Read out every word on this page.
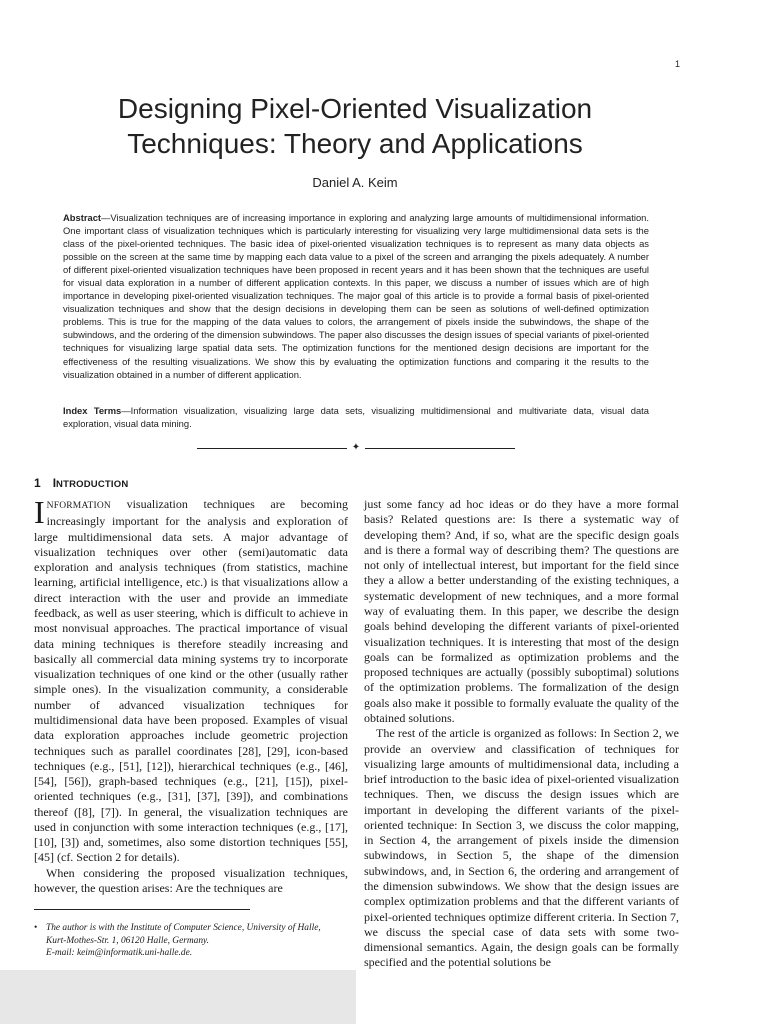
1
Designing Pixel-Oriented Visualization
Techniques: Theory and Applications
Daniel A. Keim

Abstract—Visualization techniques are of increasing importance in exploring and analyzing large amounts of multidimensional information. One important class of visualization techniques which is particularly interesting for visualizing very large multidimensional data sets is the class of the pixel-oriented techniques. The basic idea of pixel-oriented visualization techniques is to represent as many data objects as possible on the screen at the same time by mapping each data value to a pixel of the screen and arranging the pixels adequately. A number of different pixel-oriented visualization techniques have been proposed in recent years and it has been shown that the techniques are useful for visual data exploration in a number of different application contexts. In this paper, we discuss a number of issues which are of high importance in developing pixel-oriented visualization techniques. The major goal of this article is to provide a formal basis of pixel-oriented visualization techniques and show that the design decisions in developing them can be seen as solutions of well-defined optimization problems. This is true for the mapping of the data values to colors, the arrangement of pixels inside the subwindows, the shape of the subwindows, and the ordering of the dimension subwindows. The paper also discusses the design issues of special variants of pixel-oriented techniques for visualizing large spatial data sets. The optimization functions for the mentioned design decisions are important for the effectiveness of the resulting visualizations. We show this by evaluating the optimization functions and comparing it the results to the visualization obtained in a number of different application.

Index Terms—Information visualization, visualizing large data sets, visualizing multidimensional and multivariate data, visual data exploration, visual data mining.

✦
1 INTRODUCTION

INFORMATION visualization techniques are becoming increasingly important for the analysis and exploration of large multidimensional data sets. A major advantage of visualization techniques over other (semi)automatic data exploration and analysis techniques (from statistics, machine learning, artificial intelligence, etc.) is that visualizations allow a direct interaction with the user and provide an immediate feedback, as well as user steering, which is difficult to achieve in most nonvisual approaches. The practical importance of visual data mining techniques is therefore steadily increasing and basically all commercial data mining systems try to incorporate visualization techniques of one kind or the other (usually rather simple ones). In the visualization community, a considerable number of advanced visualization techniques for multidimensional data have been proposed. Examples of visual data exploration approaches include geometric projection techniques such as parallel coordinates [28], [29], icon-based techniques (e.g., [51], [12]), hierarchical techniques (e.g., [46], [54], [56]), graph-based techniques (e.g., [21], [15]), pixel-oriented techniques (e.g., [31], [37], [39]), and combinations thereof ([8], [7]). In general, the visualization techniques are used in conjunction with some interaction techniques (e.g., [17], [10], [3]) and, sometimes, also some distortion techniques [55], [45] (cf. Section 2 for details).

When considering the proposed visualization techniques, however, the question arises: Are the techniques are

just some fancy ad hoc ideas or do they have a more formal basis? Related questions are: Is there a systematic way of developing them? And, if so, what are the specific design goals and is there a formal way of describing them? The questions are not only of intellectual interest, but important for the field since they a allow a better understanding of the existing techniques, a systematic development of new techniques, and a more formal way of evaluating them. In this paper, we describe the design goals behind developing the different variants of pixel-oriented visualization techniques. It is interesting that most of the design goals can be formalized as optimization problems and the proposed techniques are actually (possibly suboptimal) solutions of the optimization problems. The formalization of the design goals also make it possible to formally evaluate the quality of the obtained solutions.

The rest of the article is organized as follows: In Section 2, we provide an overview and classification of techniques for visualizing large amounts of multidimensional data, including a brief introduction to the basic idea of pixel-oriented visualization techniques. Then, we discuss the design issues which are important in developing the different variants of the pixel-oriented technique: In Section 3, we discuss the color mapping, in Section 4, the arrangement of pixels inside the dimension subwindows, in Section 5, the shape of the dimension subwindows, and, in Section 6, the ordering and arrangement of the dimension subwindows. We show that the design issues are complex optimization problems and that the different variants of pixel-oriented techniques optimize different criteria. In Section 7, we discuss the special case of data sets with some two-dimensional semantics. Again, the design goals can be formally specified and the potential solutions be

• The author is with the Institute of Computer Science, University of Halle,
Kurt-Mothes-Str. 1, 06120 Halle, Germany.
E-mail: keim@informatik.uni-halle.de.
